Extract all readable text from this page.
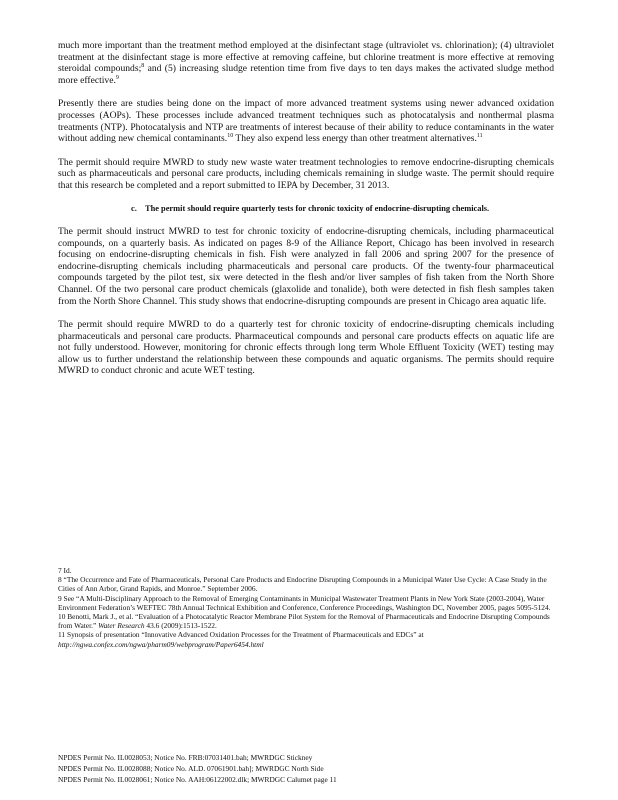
much more important than the treatment method employed at the disinfectant stage (ultraviolet vs. chlorination); (4) ultraviolet treatment at the disinfectant stage is more effective at removing caffeine, but chlorine treatment is more effective at removing steroidal compounds;$^8$ and (5) increasing sludge retention time from five days to ten days makes the activated sludge method more effective.$^9$

Presently there are studies being done on the impact of more advanced treatment systems using newer advanced oxidation processes (AOPs). These processes include advanced treatment techniques such as photocatalysis and nonthermal plasma treatments (NTP). Photocatalysis and NTP are treatments of interest because of their ability to reduce contaminants in the water without adding new chemical contaminants.$^{10}$ They also expend less energy than other treatment alternatives.$^{11}$

The permit should require MWRD to study new waste water treatment technologies to remove endocrine-disrupting chemicals such as pharmaceuticals and personal care products, including chemicals remaining in sludge waste. The permit should require that this research be completed and a report submitted to IEPA by December, 31 2013.

c. The permit should require quarterly tests for chronic toxicity of endocrine-disrupting chemicals.

The permit should instruct MWRD to test for chronic toxicity of endocrine-disrupting chemicals, including pharmaceutical compounds, on a quarterly basis. As indicated on pages 8-9 of the Alliance Report, Chicago has been involved in research focusing on endocrine-disrupting chemicals in fish. Fish were analyzed in fall 2006 and spring 2007 for the presence of endocrine-disrupting chemicals including pharmaceuticals and personal care products. Of the twenty-four pharmaceutical compounds targeted by the pilot test, six were detected in the flesh and/or liver samples of fish taken from the North Shore Channel. Of the two personal care product chemicals (glaxolide and tonalide), both were detected in fish flesh samples taken from the North Shore Channel. This study shows that endocrine-disrupting compounds are present in Chicago area aquatic life.

The permit should require MWRD to do a quarterly test for chronic toxicity of endocrine-disrupting chemicals including pharmaceuticals and personal care products. Pharmaceutical compounds and personal care products effects on aquatic life are not fully understood. However, monitoring for chronic effects through long term Whole Effluent Toxicity (WET) testing may allow us to further understand the relationship between these compounds and aquatic organisms. The permits should require MWRD to conduct chronic and acute WET testing.

7 Id.
8 “The Occurrence and Fate of Pharmaceuticals, Personal Care Products and Endocrine Disrupting Compounds in a Municipal Water Use Cycle: A Case Study in the Cities of Ann Arbor, Grand Rapids, and Monroe.” September 2006.
9 See “A Multi-Disciplinary Approach to the Removal of Emerging Contaminants in Municipal Wastewater Treatment Plants in New York State (2003-2004), Water Environment Federation’s WEFTEC 78th Annual Technical Exhibition and Conference, Conference Proceedings, Washington DC, November 2005, pages 5095-5124.
10 Benotti, Mark J., et al. “Evaluation of a Photocatalytic Reactor Membrane Pilot System for the Removal of Pharmaceuticals and Endocrine Disrupting Compounds from Water.” Water Research 43.6 (2009):1513-1522.
11 Synopsis of presentation “Innovative Advanced Oxidation Processes for the Treatment of Pharmaceuticals and EDCs” at
http://ngwa.confex.com/ngwa/pharm09/webprogram/Paper6454.html
NPDES Permit No. IL0028053; Notice No. FRB:07031401.bah; MWRDGC Stickney
NPDES Permit No. IL0028088; Notice No. ALD. 07061901.bah]; MWRDGC North Side
NPDES Permit No. IL0028061; Notice No. AAH:06122002.dlk; MWRDGC Calumet page 11
